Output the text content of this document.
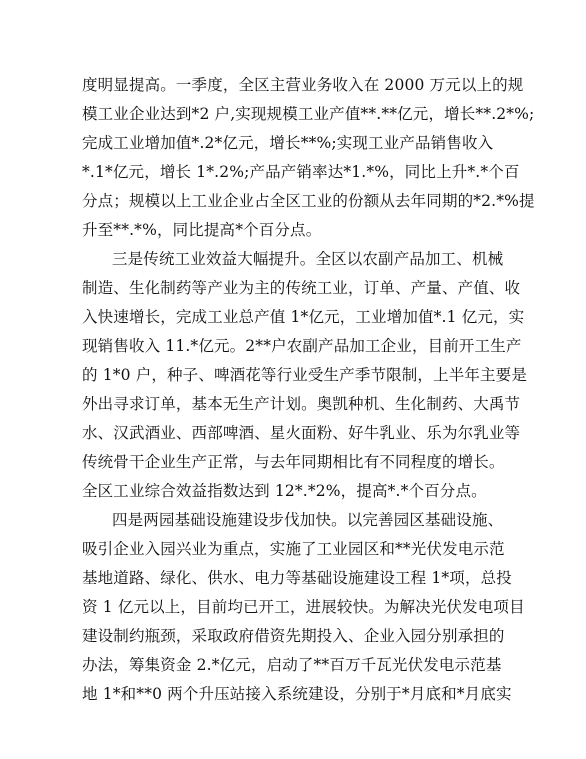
度明显提高。一季度，全区主营业务收入在 2000 万元以上的规
模工业企业达到*2 户,实现规模工业产值**.**亿元，增长**.2*%;
完成工业增加值*.2*亿元，增长**%;实现工业产品销售收入
*.1*亿元，增长 1*.2%;产品产销率达*1.*%，同比上升*.*个百
分点；规模以上工业企业占全区工业的份额从去年同期的*2.*%提
升至**.*%，同比提高*个百分点。
三是传统工业效益大幅提升。全区以农副产品加工、机械
制造、生化制药等产业为主的传统工业，订单、产量、产值、收
入快速增长，完成工业总产值 1*亿元，工业增加值*.1 亿元，实
现销售收入 11.*亿元。2**户农副产品加工企业，目前开工生产
的 1*0 户，种子、啤酒花等行业受生产季节限制，上半年主要是
外出寻求订单，基本无生产计划。奥凯种机、生化制药、大禹节
水、汉武酒业、西部啤酒、星火面粉、好牛乳业、乐为尔乳业等
传统骨干企业生产正常，与去年同期相比有不同程度的增长。
全区工业综合效益指数达到 12*.*2%，提高*.*个百分点。
四是两园基础设施建设步伐加快。以完善园区基础设施、
吸引企业入园兴业为重点，实施了工业园区和**光伏发电示范
基地道路、绿化、供水、电力等基础设施建设工程 1*项，总投
资 1 亿元以上，目前均已开工，进展较快。为解决光伏发电项目
建设制约瓶颈，采取政府借资先期投入、企业入园分别承担的
办法，筹集资金 2.*亿元，启动了**百万千瓦光伏发电示范基
地 1*和**0 两个升压站接入系统建设，分别于*月底和*月底实
